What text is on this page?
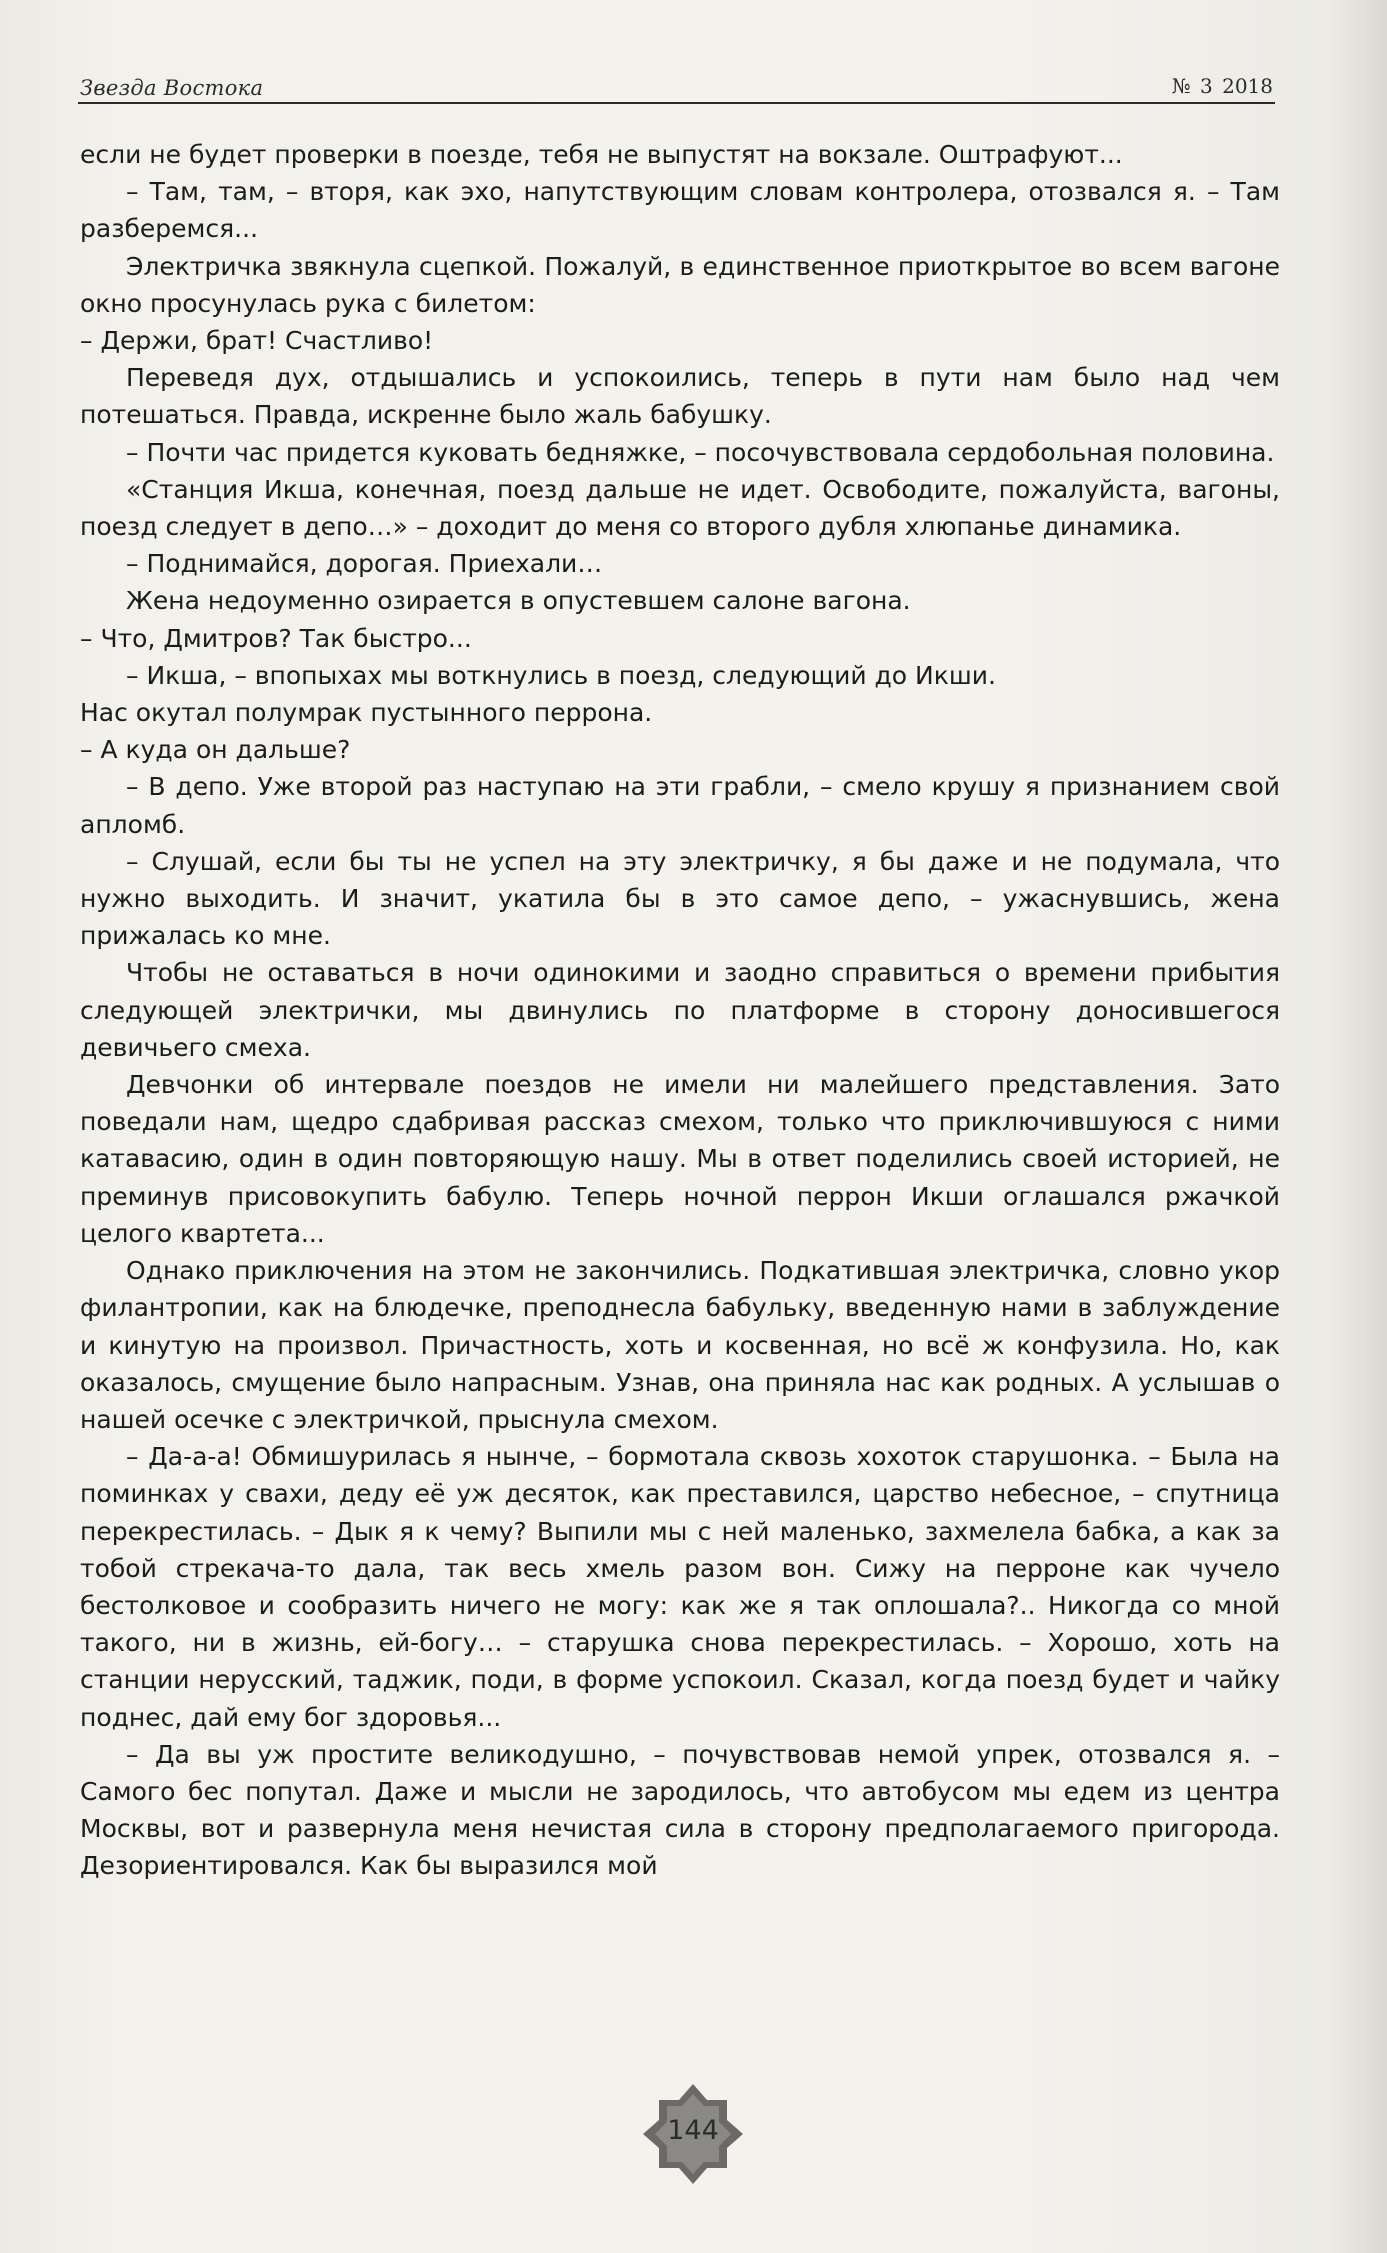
Звезда Востока	№ 3 2018

если не будет проверки в поезде, тебя не выпустят на вокзале. Оштрафуют...

– Там, там, – вторя, как эхо, напутствующим словам контролера, отозвался я. – Там разберемся...

Электричка звякнула сцепкой. Пожалуй, в единственное приоткрытое во всем вагоне окно просунулась рука с билетом:

– Держи, брат! Счастливо!

Переведя дух, отдышались и успокоились, теперь в пути нам было над чем потешаться. Правда, искренне было жаль бабушку.

– Почти час придется куковать бедняжке, – посочувствовала сердобольная половина.

«Станция Икша, конечная, поезд дальше не идет. Освободите, пожалуйста, вагоны, поезд следует в депо…» – доходит до меня со второго дубля хлюпанье динамика.

– Поднимайся, дорогая. Приехали…

Жена недоуменно озирается в опустевшем салоне вагона.

– Что, Дмитров? Так быстро...

– Икша, – впопыхах мы воткнулись в поезд, следующий до Икши.

Нас окутал полумрак пустынного перрона.

– А куда он дальше?

– В депо. Уже второй раз наступаю на эти грабли, – смело крушу я признанием свой апломб.

– Слушай, если бы ты не успел на эту электричку, я бы даже и не подумала, что нужно выходить. И значит, укатила бы в это самое депо, – ужаснувшись, жена прижалась ко мне.

Чтобы не оставаться в ночи одинокими и заодно справиться о времени прибытия следующей электрички, мы двинулись по платформе в сторону доносившегося девичьего смеха.

Девчонки об интервале поездов не имели ни малейшего представления. Зато поведали нам, щедро сдабривая рассказ смехом, только что приключившуюся с ними катавасию, один в один повторяющую нашу. Мы в ответ поделились своей историей, не преминув присовокупить бабулю. Теперь ночной перрон Икши оглашался ржачкой целого квартета...

Однако приключения на этом не закончились. Подкатившая электричка, словно укор филантропии, как на блюдечке, преподнесла бабульку, введенную нами в заблуждение и кинутую на произвол. Причастность, хоть и косвенная, но всё ж конфузила. Но, как оказалось, смущение было напрасным. Узнав, она приняла нас как родных. А услышав о нашей осечке с электричкой, прыснула смехом.

– Да-а-а! Обмишурилась я нынче, – бормотала сквозь хохоток старушонка. – Была на поминках у свахи, деду её уж десяток, как преставился, царство небесное, – спутница перекрестилась. – Дык я к чему? Выпили мы с ней маленько, захмелела бабка, а как за тобой стрекача-то дала, так весь хмель разом вон. Сижу на перроне как чучело бестолковое и сообразить ничего не могу: как же я так оплошала?.. Никогда со мной такого, ни в жизнь, ей-богу… – старушка снова перекрестилась. – Хорошо, хоть на станции нерусский, таджик, поди, в форме успокоил. Сказал, когда поезд будет и чайку поднес, дай ему бог здоровья...

– Да вы уж простите великодушно, – почувствовав немой упрек, отозвался я. – Самого бес попутал. Даже и мысли не зародилось, что автобусом мы едем из центра Москвы, вот и развернула меня нечистая сила в сторону предполагаемого пригорода. Дезориентировался. Как бы выразился мой

144
